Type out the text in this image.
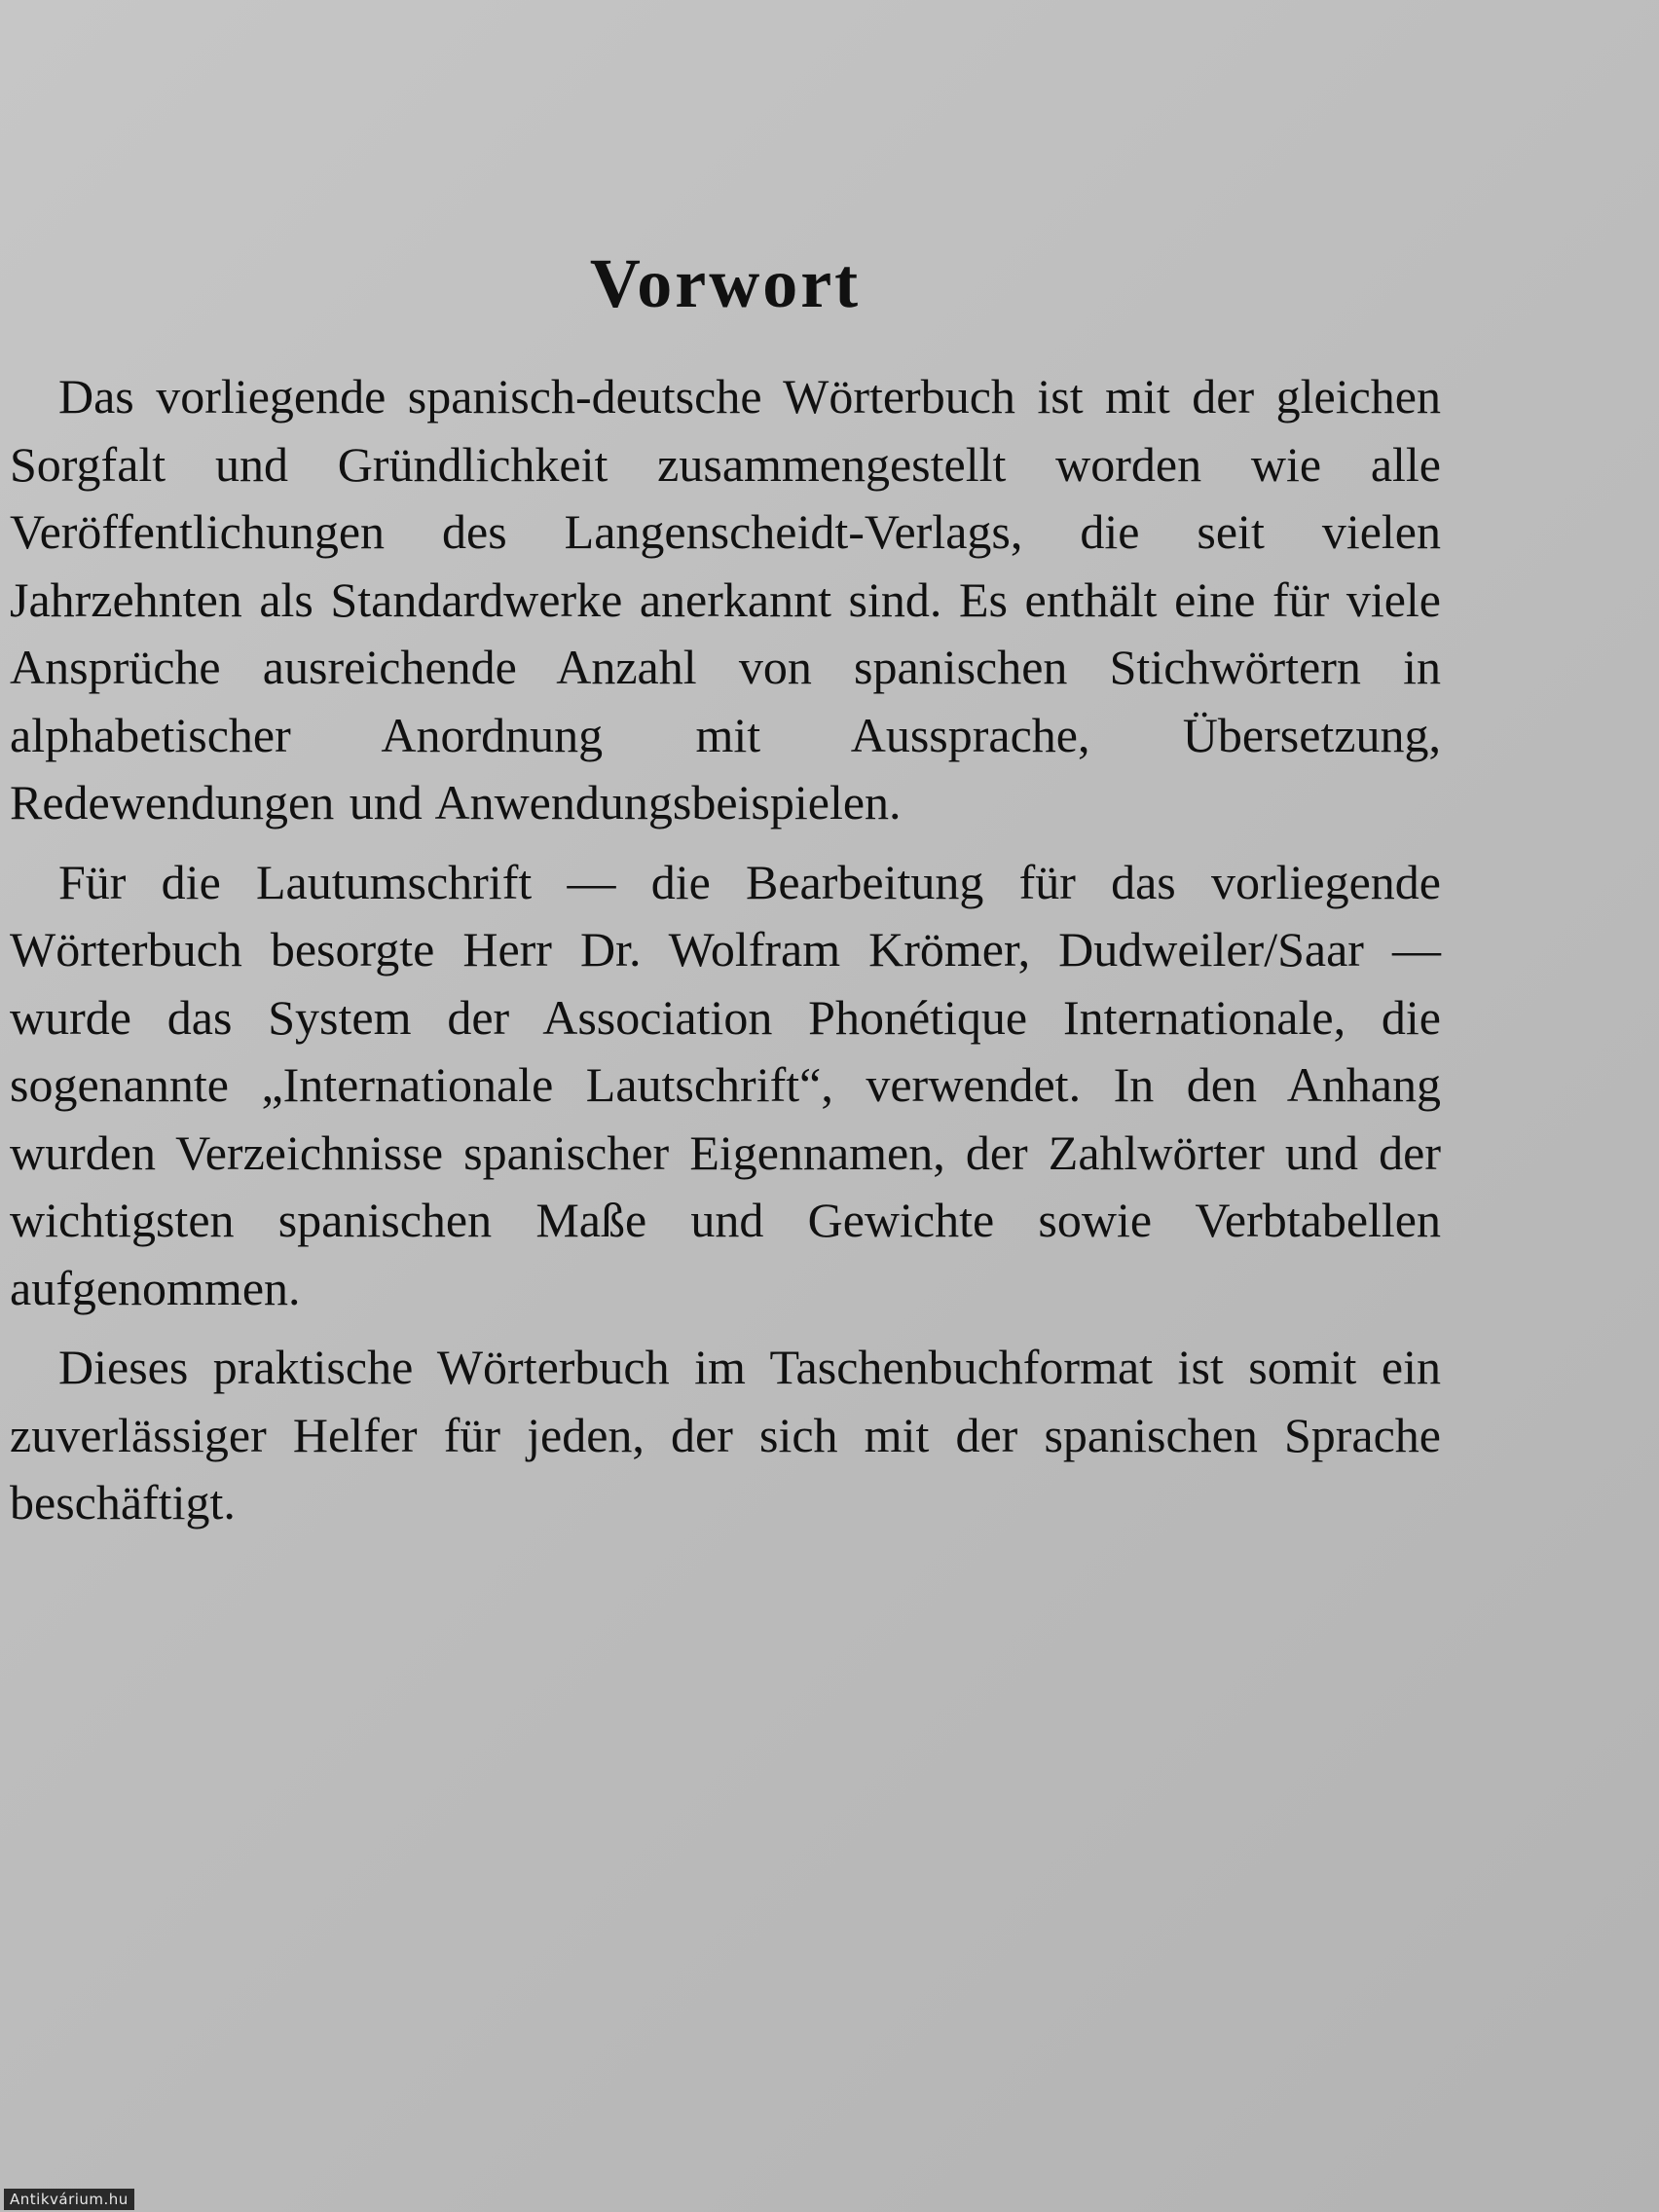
Vorwort

Das vorliegende spanisch-deutsche Wörterbuch ist mit der gleichen Sorgfalt und Gründlichkeit zusammengestellt worden wie alle Veröffentlichungen des Langenscheidt-Verlags, die seit vielen Jahrzehnten als Standardwerke anerkannt sind. Es enthält eine für viele Ansprüche ausreichende Anzahl von spanischen Stichwörtern in alphabetischer Anordnung mit Aussprache, Übersetzung, Redewendungen und Anwendungsbeispielen.

Für die Lautumschrift — die Bearbeitung für das vorliegende Wörterbuch besorgte Herr Dr. Wolfram Krömer, Dudweiler/Saar — wurde das System der Association Phonétique Internationale, die sogenannte „Internationale Lautschrift“, verwendet. In den Anhang wurden Verzeichnisse spanischer Eigennamen, der Zahlwörter und der wichtigsten spanischen Maße und Gewichte sowie Verbtabellen aufgenommen.

Dieses praktische Wörterbuch im Taschenbuchformat ist somit ein zuverlässiger Helfer für jeden, der sich mit der spanischen Sprache beschäftigt.

Antikvárium.hu
